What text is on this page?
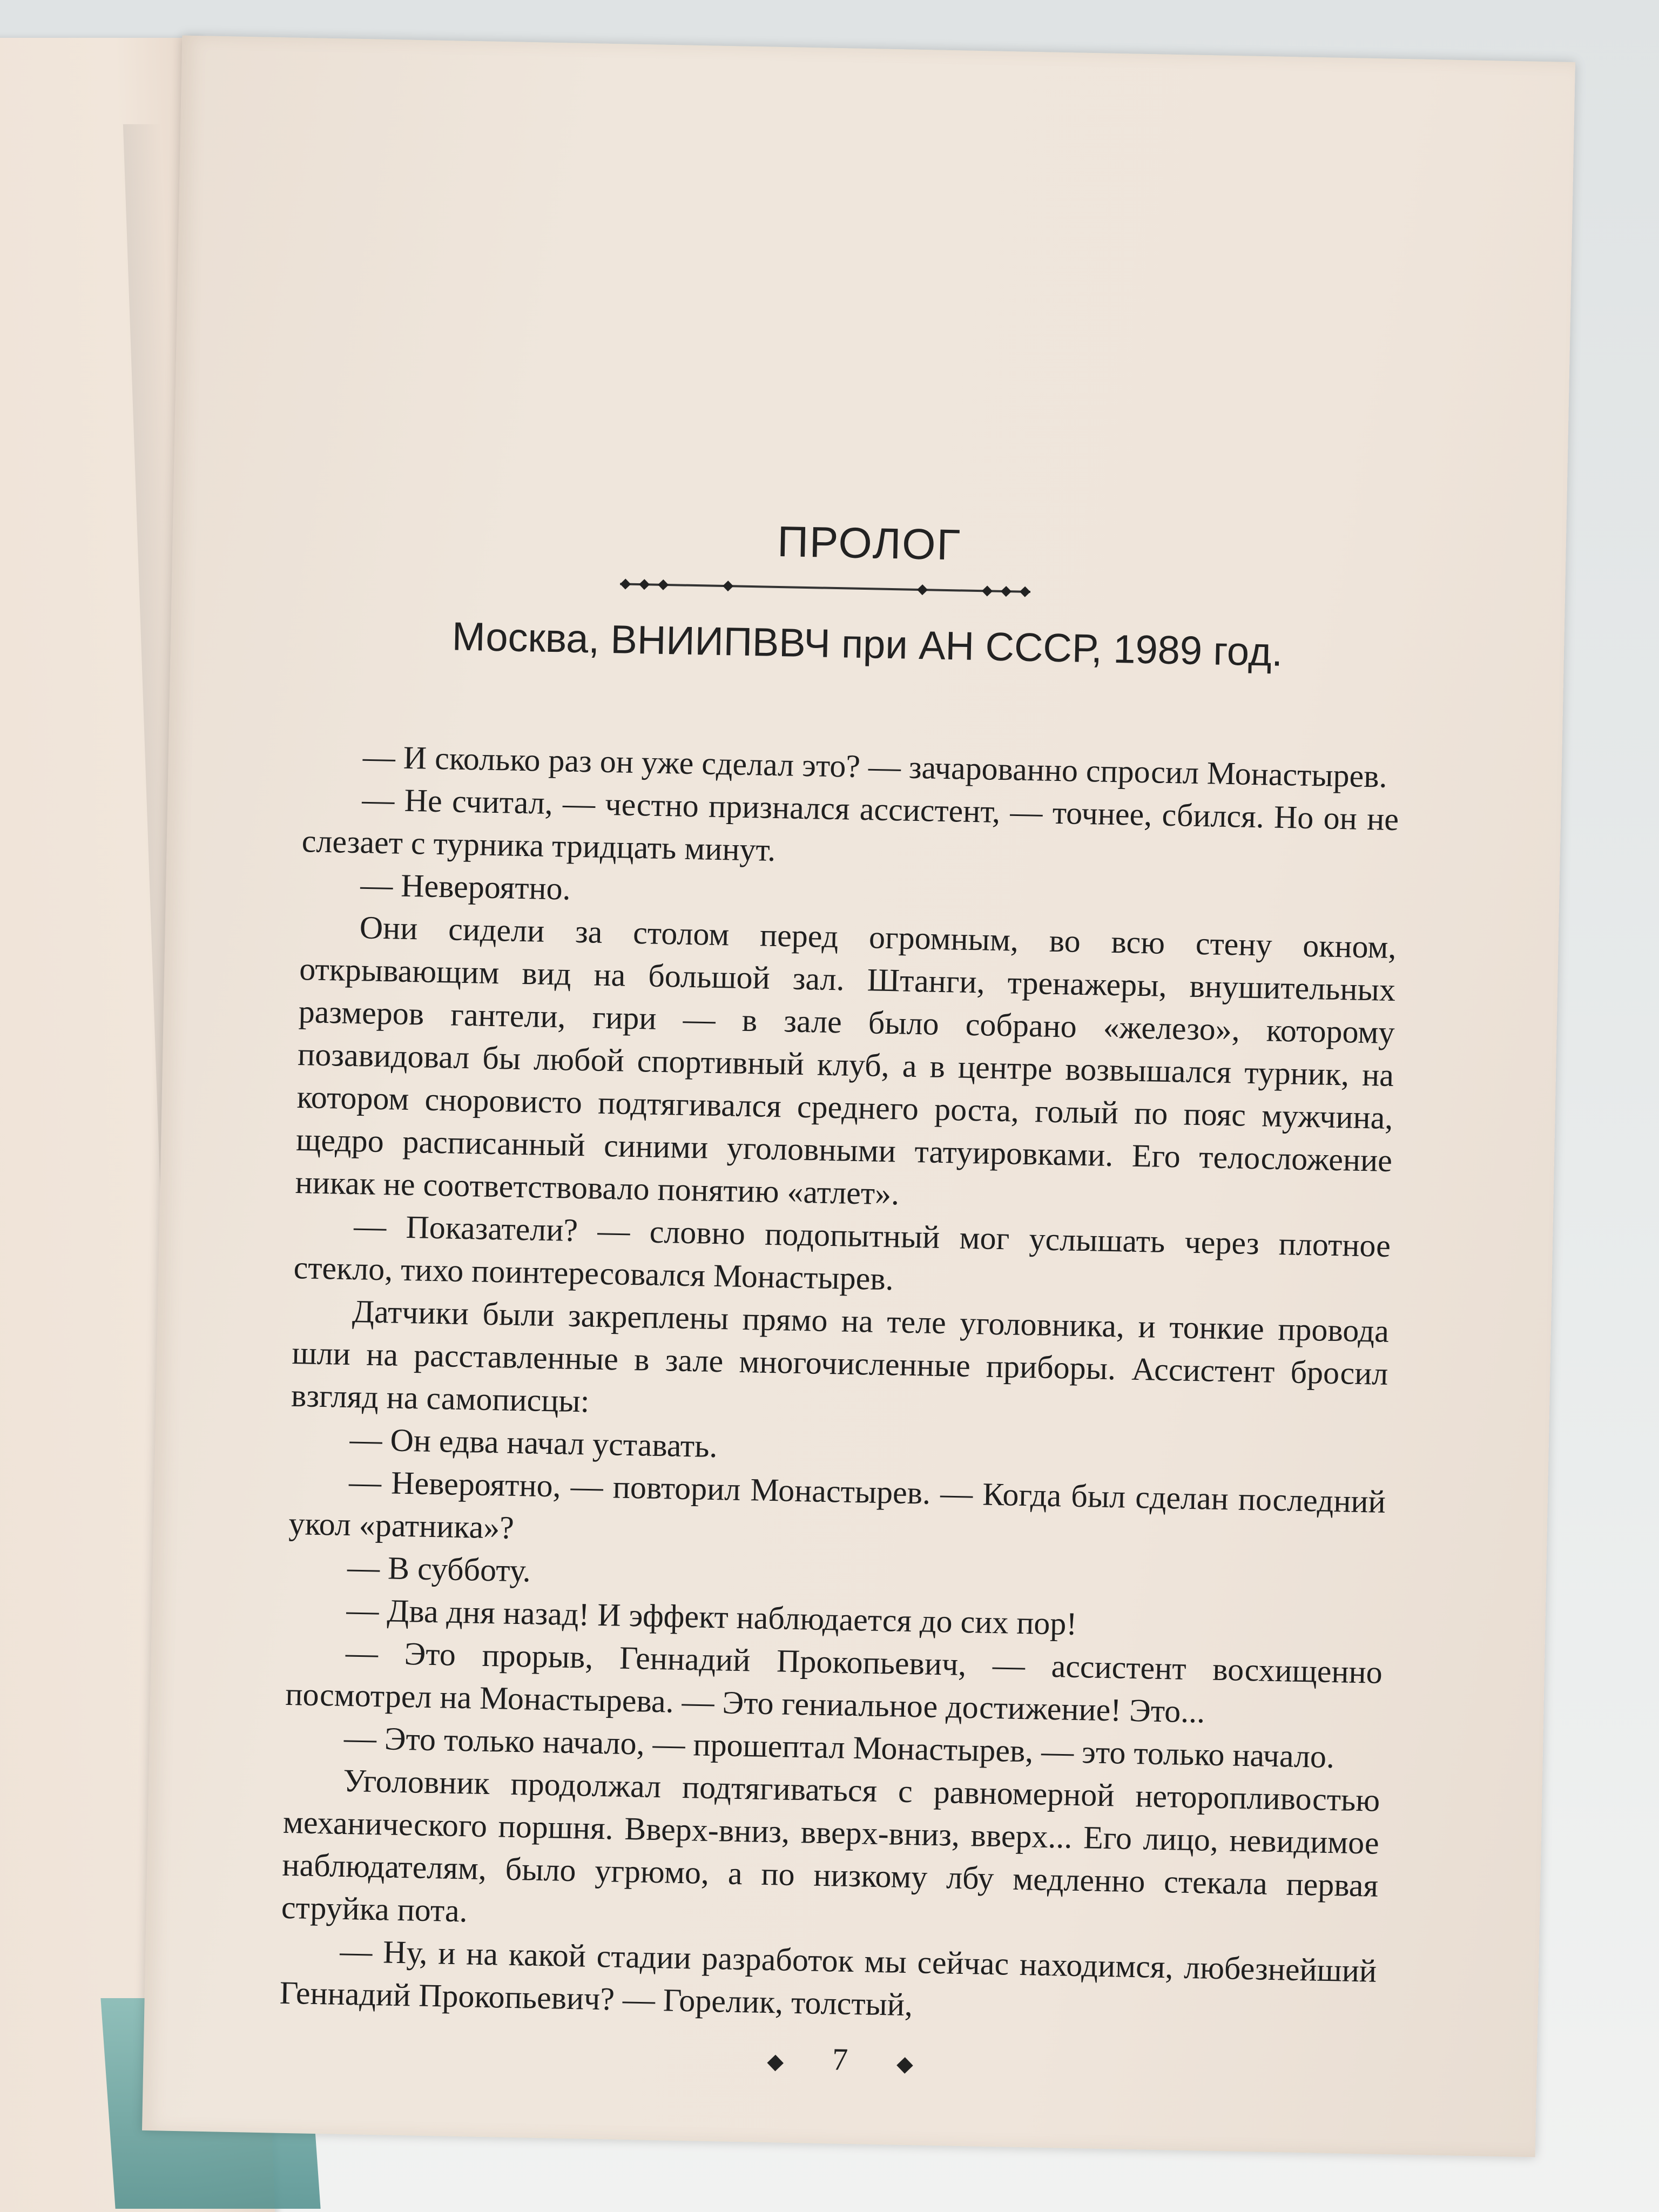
ПРОЛОГ
Москва, ВНИИПВВЧ при АН СССР, 1989 год.

— И сколько раз он уже сделал это? — зачарованно спросил Монастырев.

— Не считал, — честно признался ассистент, — точнее, сбился. Но он не слезает с турника тридцать минут.

— Невероятно.

Они сидели за столом перед огромным, во всю стену окном, открывающим вид на большой зал. Штанги, тренажеры, внушительных размеров гантели, гири — в зале было собрано «железо», которому позавидовал бы любой спортивный клуб, а в центре возвышался турник, на котором сноровисто подтягивался среднего роста, голый по пояс мужчина, щедро расписанный синими уголовными татуировками. Его телосложение никак не соответствовало понятию «атлет».

— Показатели? — словно подопытный мог услышать через плотное стекло, тихо поинтересовался Монастырев.

Датчики были закреплены прямо на теле уголовника, и тонкие провода шли на расставленные в зале многочисленные приборы. Ассистент бросил взгляд на самописцы:

— Он едва начал уставать.

— Невероятно, — повторил Монастырев. — Когда был сделан последний укол «ратника»?

— В субботу.

— Два дня назад! И эффект наблюдается до сих пор!

— Это прорыв, Геннадий Прокопьевич, — ассистент восхищенно посмотрел на Монастырева. — Это гениальное достижение! Это...

— Это только начало, — прошептал Монастырев, — это только начало.

Уголовник продолжал подтягиваться с равномерной неторопливостью механического поршня. Вверх-вниз, вверх-вниз, вверх... Его лицо, невидимое наблюдателям, было угрюмо, а по низкому лбу медленно стекала первая струйка пота.

— Ну, и на какой стадии разработок мы сейчас находимся, любезнейший Геннадий Прокопьевич? — Горелик, толстый,

◆ 7 ◆
